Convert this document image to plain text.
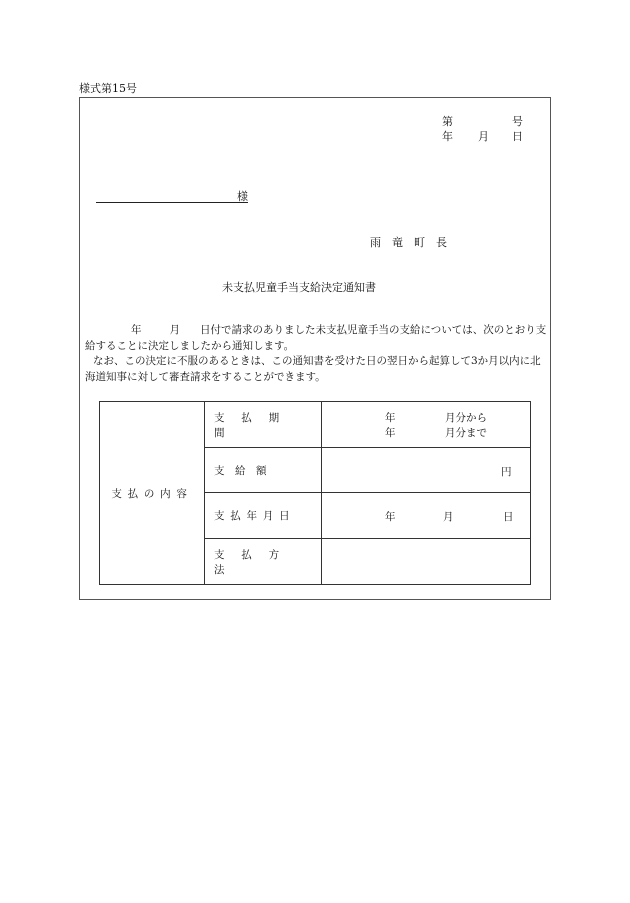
様式第15号
第	号
年 月 日
様
雨　竜　町　長
未支払児童手当支給決定通知書

年	月 日付で請求のありました未支払児童手当の支給については、次のとおり支給することに決定しましたから通知します。

なお、この決定に不服のあるときは、この通知書を受けた日の翌日から起算して3か月以内に北海道知事に対して審査請求をすることができます。

支払の内容	支払期間	年 月分から
年 月分まで

	支　給　額	円

	支払年月日	年 月 日

	支払方法	
